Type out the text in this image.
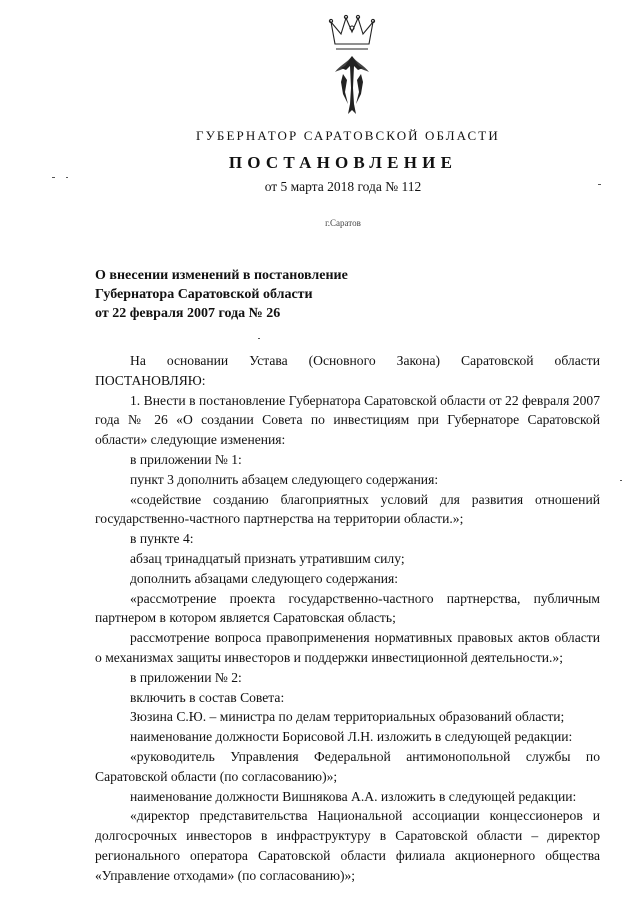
ГУБЕРНАТОР САРАТОВСКОЙ ОБЛАСТИ
ПОСТАНОВЛЕНИЕ
от 5 марта 2018 года № 112
г.Саратов
О внесении изменений в постановление
Губернатора Саратовской области
от 22 февраля 2007 года № 26

На основании Устава (Основного Закона) Саратовской области

ПОСТАНОВЛЯЮ:

1. Внести в постановление Губернатора Саратовской области от 22 февраля 2007 года № 26 «О создании Совета по инвестициям при Губернаторе Саратовской области» следующие изменения:

в приложении № 1:

пункт 3 дополнить абзацем следующего содержания:

«содействие созданию благоприятных условий для развития отношений государственно-частного партнерства на территории области.»;

в пункте 4:

абзац тринадцатый признать утратившим силу;

дополнить абзацами следующего содержания:

«рассмотрение проекта государственно-частного партнерства, публичным партнером в котором является Саратовская область;

рассмотрение вопроса правоприменения нормативных правовых актов области о механизмах защиты инвесторов и поддержки инвестиционной деятельности.»;

в приложении № 2:

включить в состав Совета:

Зюзина С.Ю. – министра по делам территориальных образований области;

наименование должности Борисовой Л.Н. изложить в следующей редакции:

«руководитель Управления Федеральной антимонопольной службы по Саратовской области (по согласованию)»;

наименование должности Вишнякова А.А. изложить в следующей редакции:

«директор представительства Национальной ассоциации концессионеров и долгосрочных инвесторов в инфраструктуру в Саратовской области – директор регионального оператора Саратовской области филиала акционерного общества «Управление отходами» (по согласованию)»;
